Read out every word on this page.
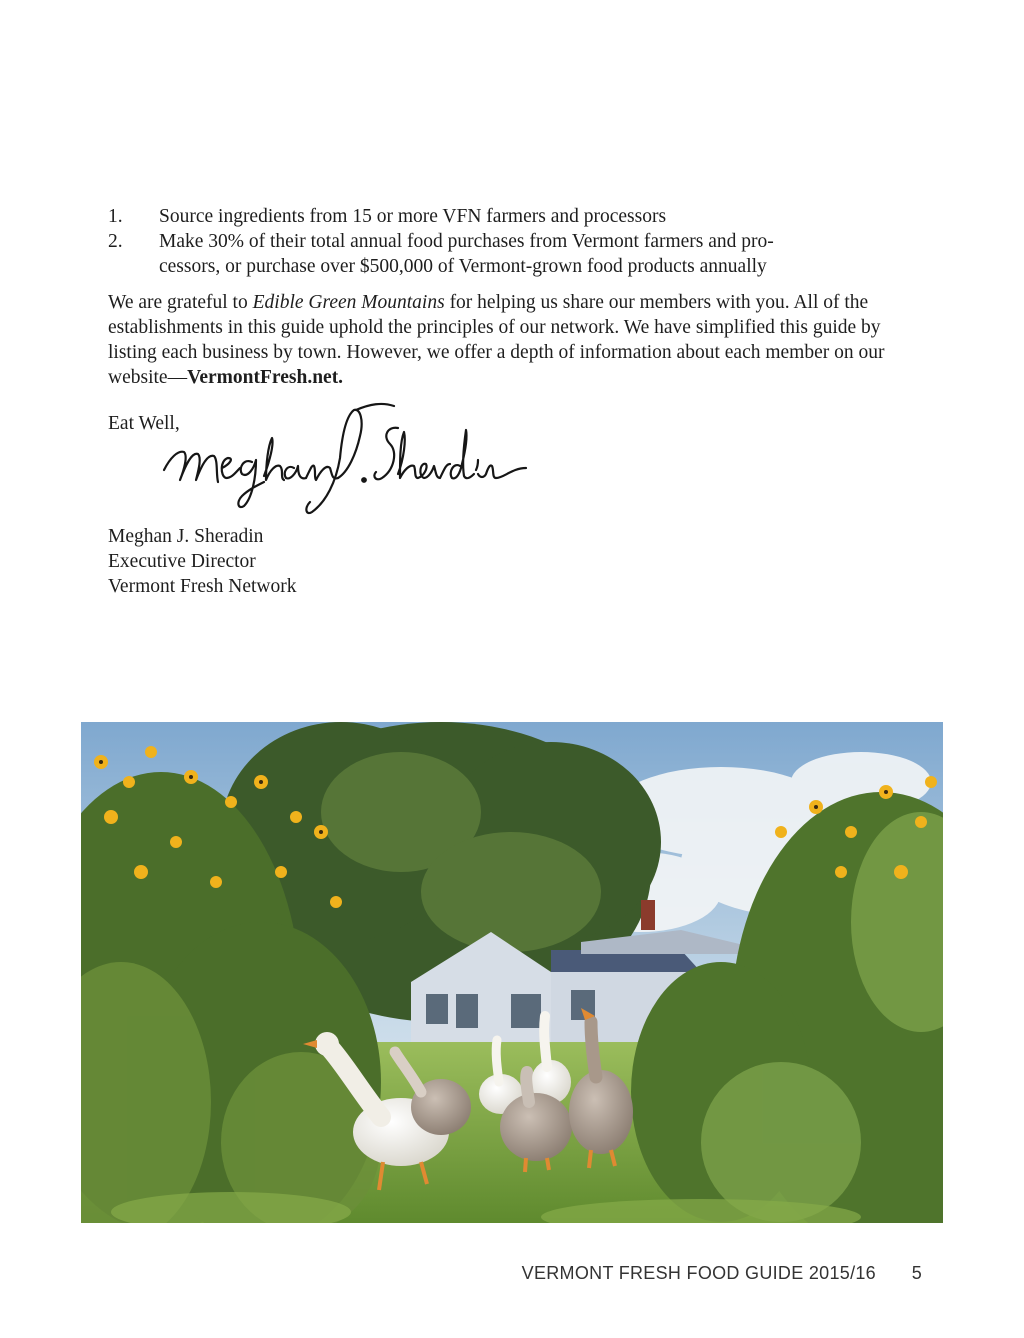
1. Source ingredients from 15 or more VFN farmers and processors
2. Make 30% of their total annual food purchases from Vermont farmers and pro-
cessors, or purchase over $500,000 of Vermont-grown food products annually
We are grateful to Edible Green Mountains for helping us share our members with you. All of the establishments in this guide uphold the principles of our network. We have simplified this guide by listing each business by town. However, we offer a depth of information about each member on our website—VermontFresh.net.
Eat Well,
Meghan J. Sheradin
Executive Director
Vermont Fresh Network
VERMONT FRESH FOOD GUIDE 2015/16 5
